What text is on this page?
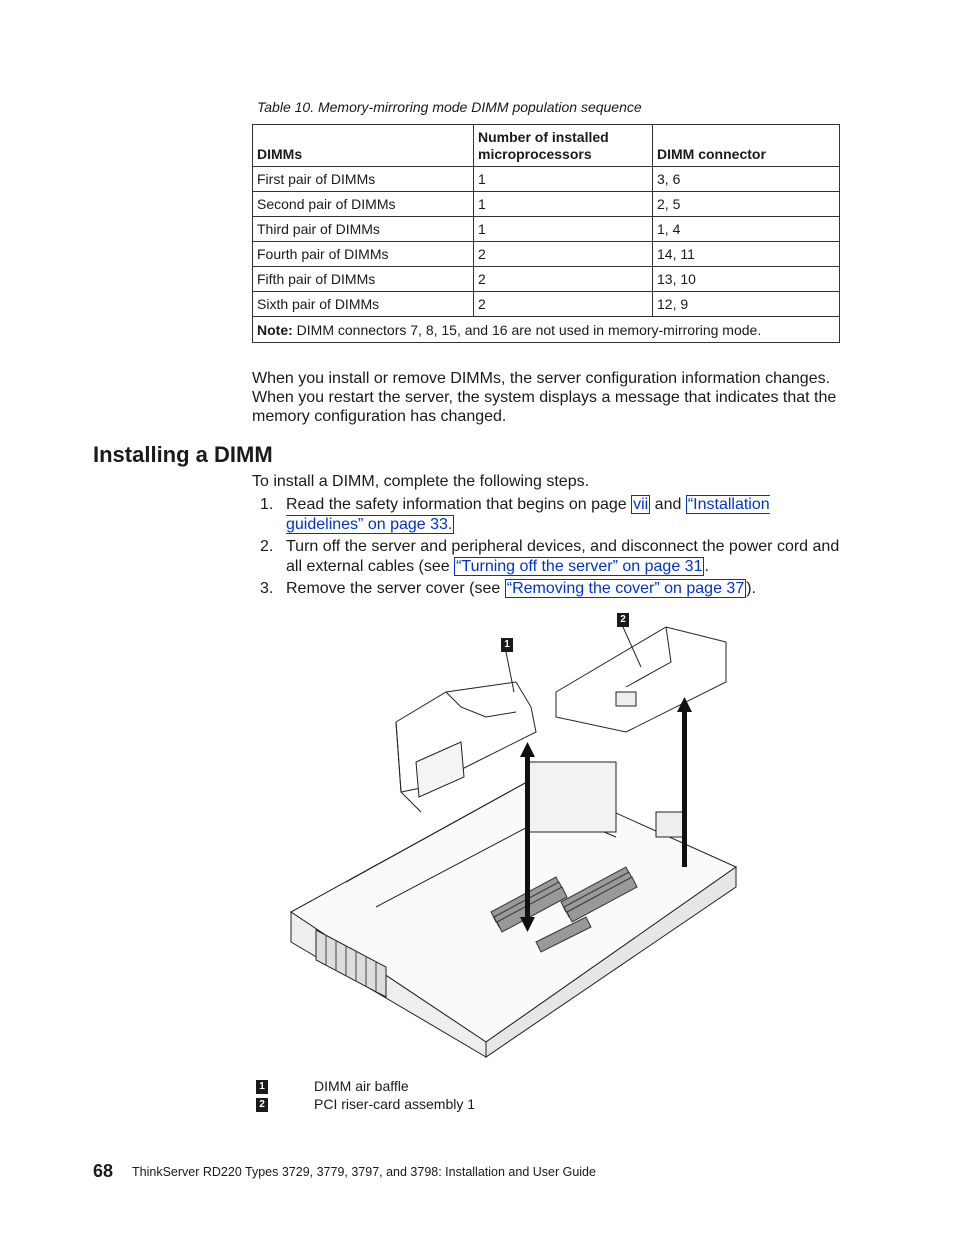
Table 10. Memory-mirroring mode DIMM population sequence
DIMMs	Number of installed microprocessors	DIMM connector
First pair of DIMMs	1	3, 6
Second pair of DIMMs	1	2, 5
Third pair of DIMMs	1	1, 4
Fourth pair of DIMMs	2	14, 11
Fifth pair of DIMMs	2	13, 10
Sixth pair of DIMMs	2	12, 9
Note: DIMM connectors 7, 8, 15, and 16 are not used in memory-mirroring mode.		
When you install or remove DIMMs, the server configuration information changes. When you restart the server, the system displays a message that indicates that the memory configuration has changed.
Installing a DIMM
To install a DIMM, complete the following steps.
1. Read the safety information that begins on page vii and “Installation guidelines” on page 33.
2. Turn off the server and peripheral devices, and disconnect the power cord and all external cables (see “Turning off the server” on page 31 .
3. Remove the server cover (see “Removing the cover” on page 37 ).
1
2
1	DIMM air baffle
2	PCI riser-card assembly 1
68 ThinkServer RD220 Types 3729, 3779, 3797, and 3798: Installation and User Guide
